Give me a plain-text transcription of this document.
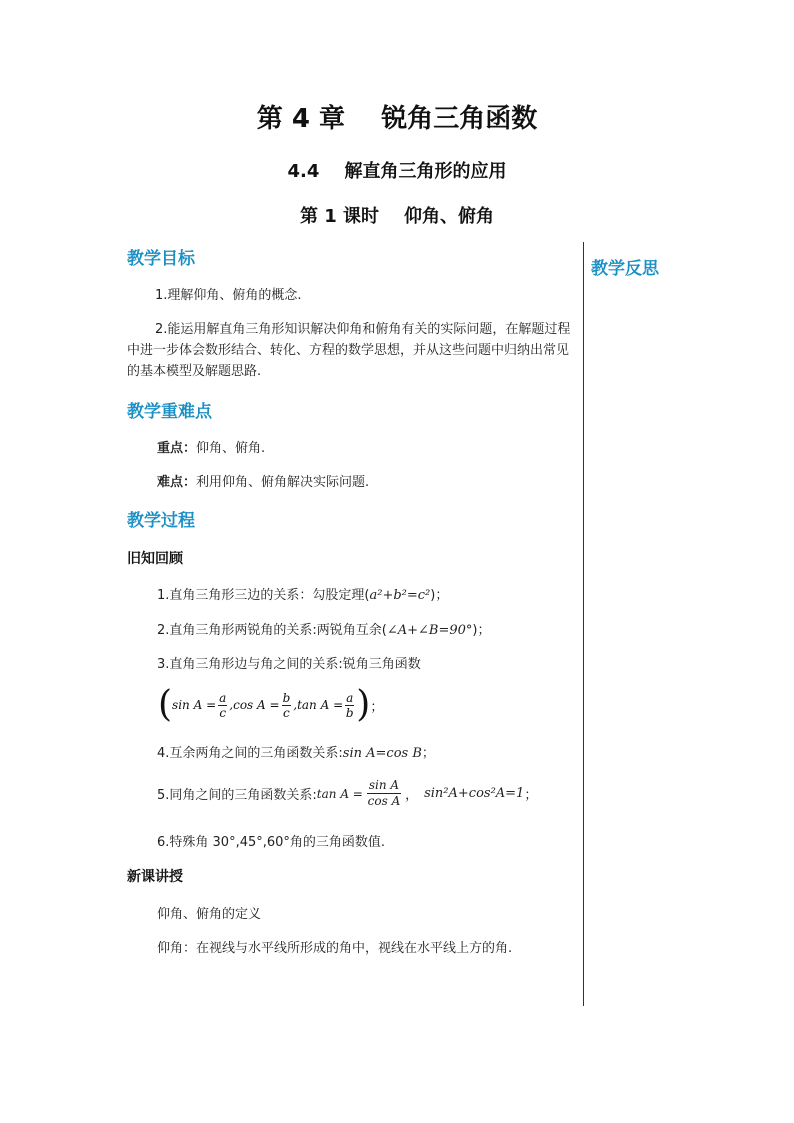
第 4 章    锐角三角函数
4.4    解直角三角形的应用
第 1 课时    仰角、俯角
教学反思
教学目标
1.理解仰角、俯角的概念.
2.能运用解直角三角形知识解决仰角和俯角有关的实际问题，在解题过程中进一步体会数形结合、转化、方程的数学思想，并从这些问题中归纳出常见的基本模型及解题思路.
教学重难点
重点：仰角、俯角.
难点：利用仰角、俯角解决实际问题.
教学过程
旧知回顾
1.直角三角形三边的关系：勾股定理(a²+b²=c²)；
2.直角三角形两锐角的关系:两锐角互余(∠A+∠B=90°)；
3.直角三角形边与角之间的关系:锐角三角函数
( $\sin A = \frac{a}{c} ,\cos$ $A = \frac{b}{c} ,\tan$ $A = \frac{a}{b}$ ) ；
4.互余两角之间的三角函数关系:sin A=cos B；
5.同角之间的三角函数关系: $\tan A = \frac{\text{sin A}}{\text{cos A}}$ ， sin²A+cos²A=1 ；
6.特殊角 30°,45°,60°角的三角函数值.
新课讲授
仰角、俯角的定义
仰角：在视线与水平线所形成的角中，视线在水平线上方的角.
